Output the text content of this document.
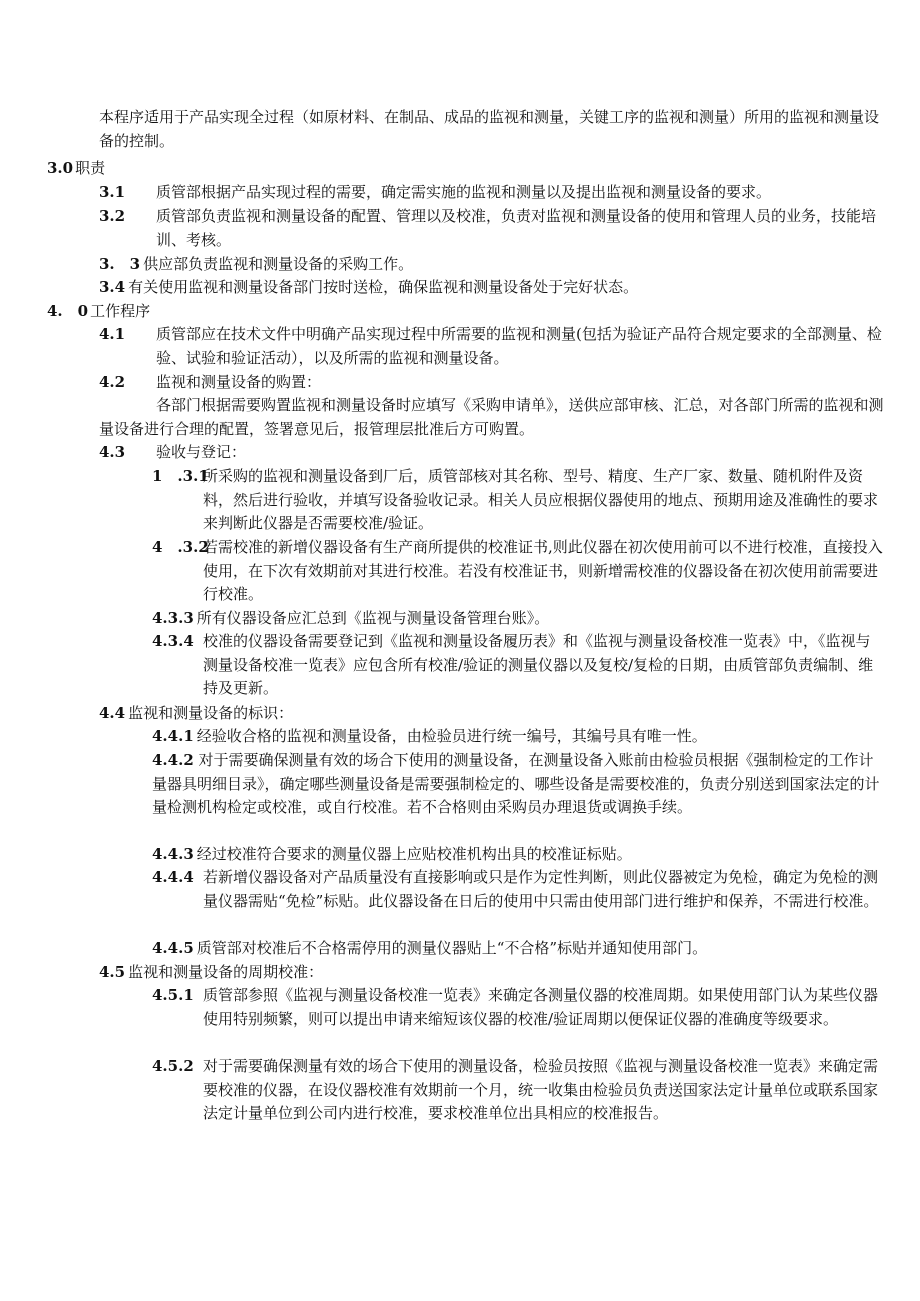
本程序适用于产品实现全过程（如原材料、在制品、成品的监视和测量，关键工序的监视和测量）所用的监视和测量设备的控制。
3.0 职责
3.1	质管部根据产品实现过程的需要，确定需实施的监视和测量以及提出监视和测量设备的要求。
3.2	质管部负责监视和测量设备的配置、管理以及校准，负责对监视和测量设备的使用和管理人员的业务，技能培训、考核。
3.　3 供应部负责监视和测量设备的采购工作。
3.4 有关使用监视和测量设备部门按时送检，确保监视和测量设备处于完好状态。
4.　0 工作程序
4.1	质管部应在技术文件中明确产品实现过程中所需要的监视和测量(包括为验证产品符合规定要求的全部测量、检验、试验和验证活动），以及所需的监视和测量设备。
4.2	监视和测量设备的购置：
各部门根据需要购置监视和测量设备时应填写《采购申请单》，送供应部审核、汇总，对各部门所需的监视和测量设备进行合理的配置，签署意见后，报管理层批准后方可购置。
4.3	验收与登记：
1　.3.1
所采购的监视和测量设备到厂后，质管部核对其名称、型号、精度、生产厂家、数量、随机附件及资料，然后进行验收，并填写设备验收记录。相关人员应根据仪器使用的地点、预期用途及准确性的要求来判断此仪器是否需要校准/验证。
4　.3.2
若需校准的新增仪器设备有生产商所提供的校准证书,则此仪器在初次使用前可以不进行校准，直接投入使用，在下次有效期前对其进行校准。若没有校准证书，则新增需校准的仪器设备在初次使用前需要进行校准。
4.3.3 所有仪器设备应汇总到《监视与测量设备管理台账》。
4.3.4 校准的仪器设备需要登记到《监视和测量设备履历表》和《监视与测量设备校准一览表》中，《监视与测量设备校准一览表》应包含所有校准/验证的测量仪器以及复校/复检的日期，由质管部负责编制、维持及更新。
4.4 监视和测量设备的标识：
4.4.1 经验收合格的监视和测量设备，由检验员进行统一编号，其编号具有唯一性。
4.4.2 对于需要确保测量有效的场合下使用的测量设备，在测量设备入账前由检验员根据《强制检定的工作计量器具明细目录》，确定哪些测量设备是需要强制检定的、哪些设备是需要校准的，负责分别送到国家法定的计量检测机构检定或校准，或自行校准。若不合格则由采购员办理退货或调换手续。
4.4.3 经过校准符合要求的测量仪器上应贴校准机构出具的校准证标贴。
4.4.4 若新增仪器设备对产品质量没有直接影响或只是作为定性判断，则此仪器被定为免检，确定为免检的测量仪器需贴“免检”标贴。此仪器设备在日后的使用中只需由使用部门进行维护和保养，不需进行校准。
4.4.5 质管部对校准后不合格需停用的测量仪器贴上“不合格”标贴并通知使用部门。
4.5 监视和测量设备的周期校准：
4.5.1 质管部参照《监视与测量设备校准一览表》来确定各测量仪器的校准周期。如果使用部门认为某些仪器使用特别频繁，则可以提出申请来缩短该仪器的校准/验证周期以便保证仪器的准确度等级要求。
4.5.2 对于需要确保测量有效的场合下使用的测量设备，检验员按照《监视与测量设备校准一览表》来确定需要校准的仪器，在设仪器校准有效期前一个月，统一收集由检验员负责送国家法定计量单位或联系国家法定计量单位到公司内进行校准，要求校准单位出具相应的校准报告。
